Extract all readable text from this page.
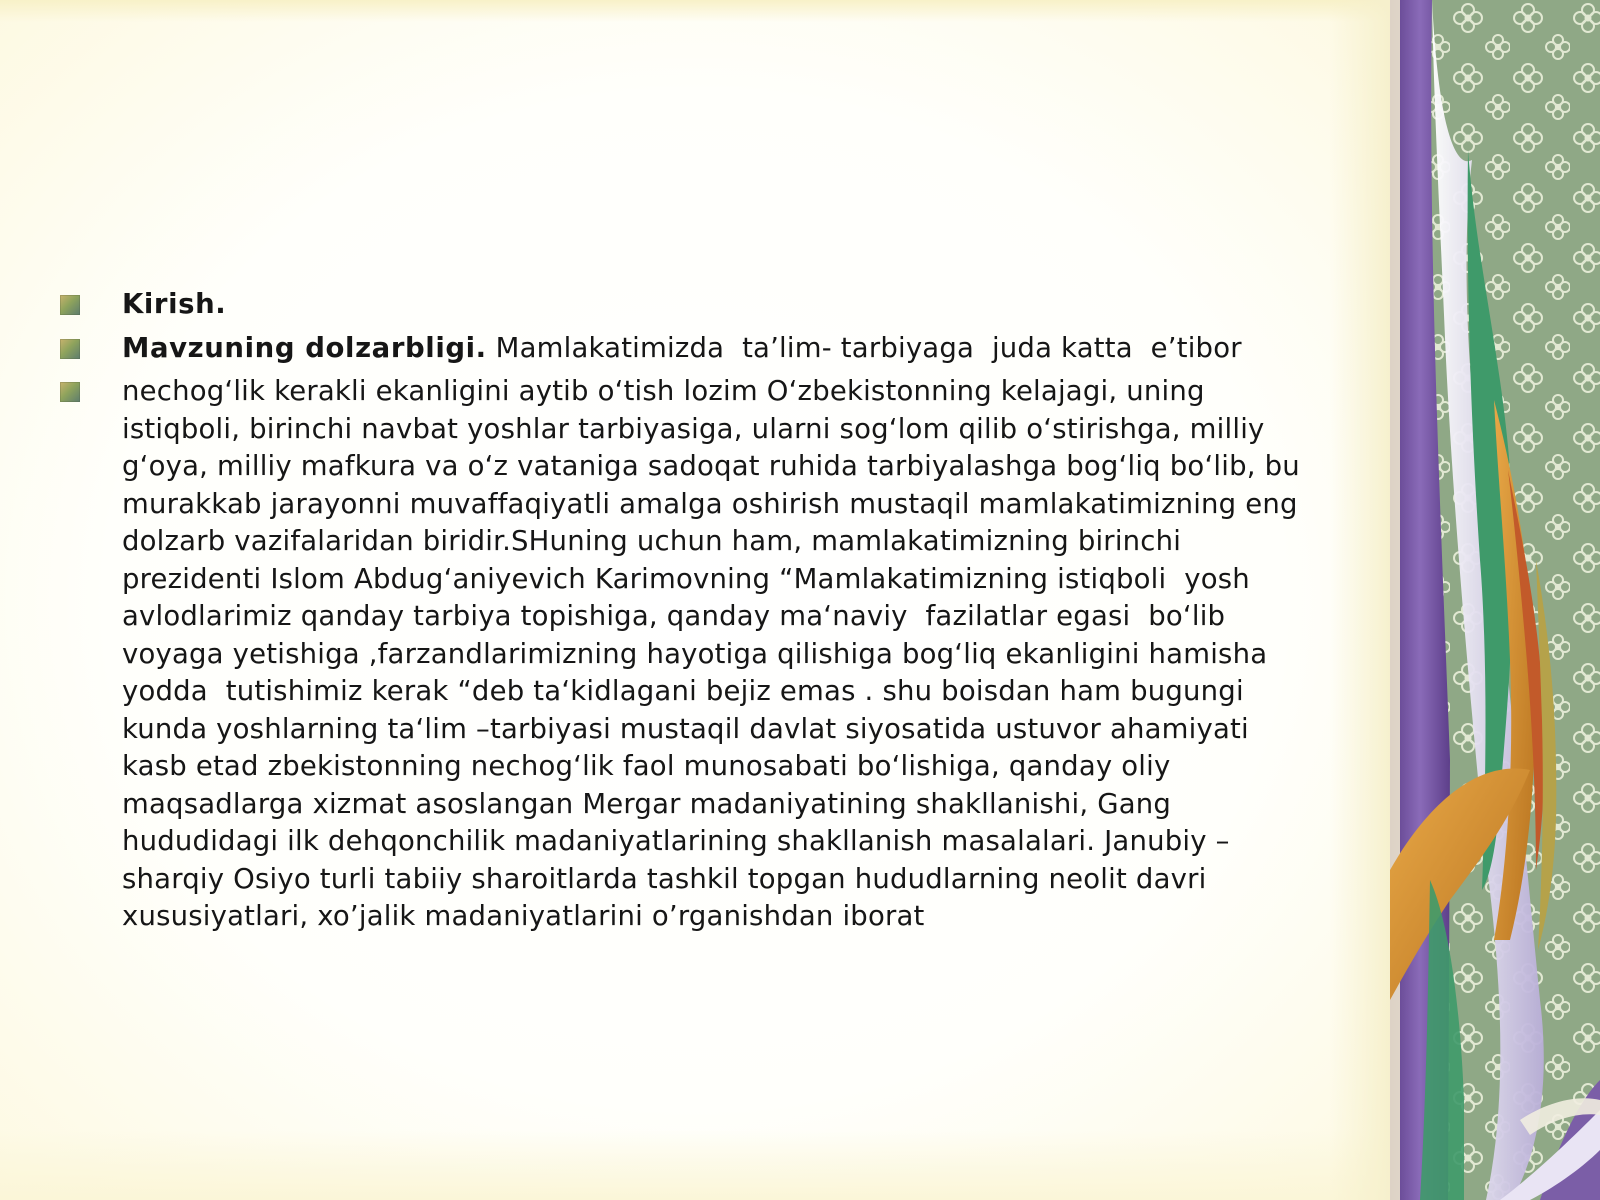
Kirish.
Mavzuning dolzarbligi. Mamlakatimizda  ta’lim- tarbiyaga  juda katta  e’tibor
nechog‘lik kerakli ekanligini aytib o‘tish lozim O‘zbekistonning kelajagi, uning istiqboli, birinchi navbat yoshlar tarbiyasiga, ularni sog‘lom qilib o‘stirishga, milliy g‘oya, milliy mafkura va o‘z vataniga sadoqat ruhida tarbiyalashga bog‘liq bo‘lib, bu murakkab jarayonni muvaffaqiyatli amalga oshirish mustaqil mamlakatimizning eng dolzarb vazifalaridan biridir.SHuning uchun ham, mamlakatimizning birinchi prezidenti Islom Abdug‘aniyevich Karimovning “Mamlakatimizning istiqboli  yosh avlodlarimiz qanday tarbiya topishiga, qanday ma‘naviy  fazilatlar egasi  bo‘lib voyaga yetishiga ,farzandlarimizning hayotiga qilishiga bog‘liq ekanligini hamisha yodda  tutishimiz kerak “deb ta‘kidlagani bejiz emas . shu boisdan ham bugungi kunda yoshlarning ta‘lim –tarbiyasi mustaqil davlat siyosatida ustuvor ahamiyati kasb etad zbekistonning nechog‘lik faol munosabati bo‘lishiga, qanday oliy maqsadlarga xizmat asoslangan Mergar madaniyatining shakllanishi, Gang hududidagi ilk dehqonchilik madaniyatlarining shakllanish masalalari. Janubiy – sharqiy Osiyo turli tabiiy sharoitlarda tashkil topgan hududlarning neolit davri xususiyatlari, xo’jalik madaniyatlarini o’rganishdan iborat
